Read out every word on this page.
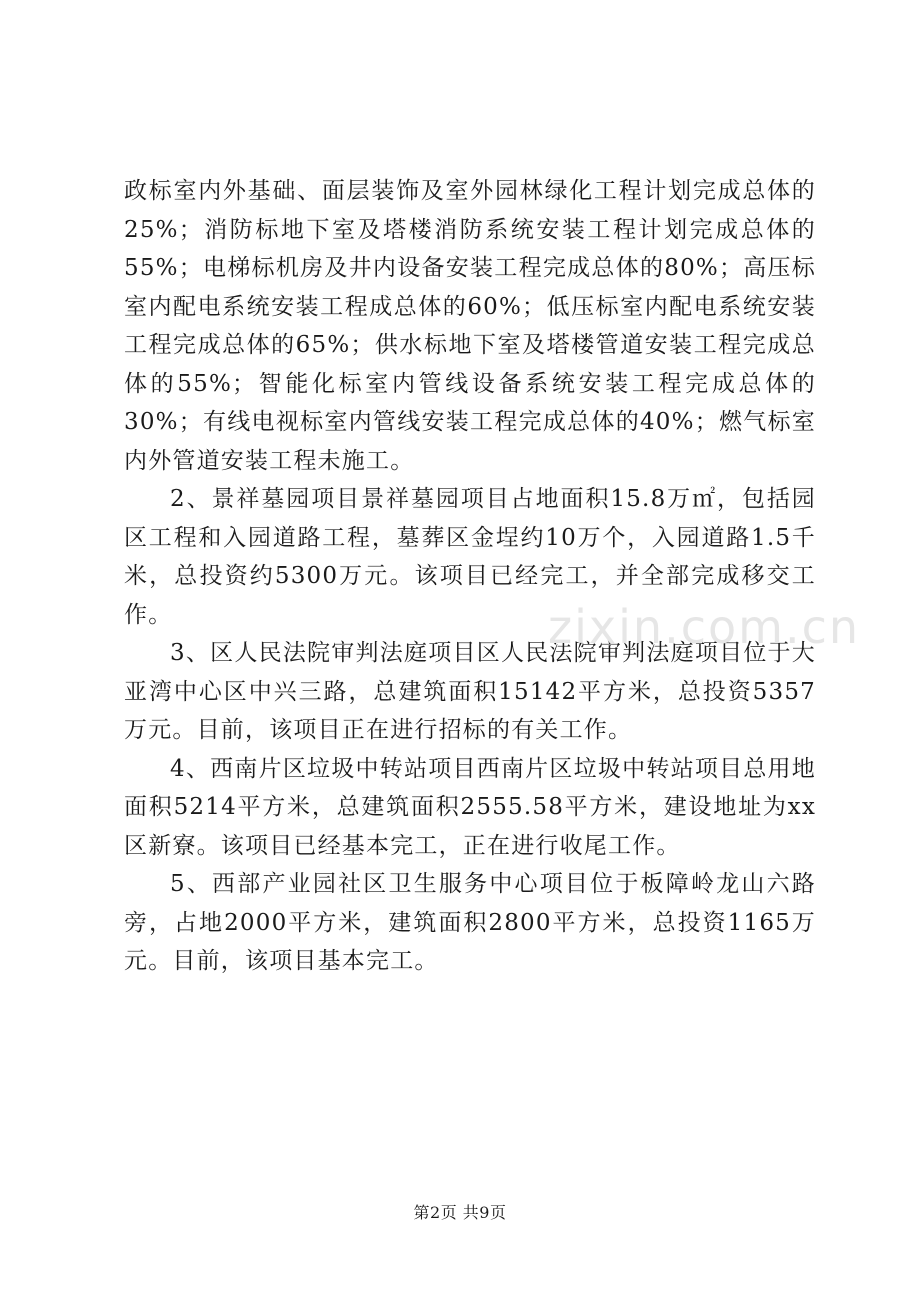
政标室内外基础、面层装饰及室外园林绿化工程计划完成总体的25%；消防标地下室及塔楼消防系统安装工程计划完成总体的55%；电梯标机房及井内设备安装工程完成总体的80%；高压标室内配电系统安装工程成总体的60%；低压标室内配电系统安装工程完成总体的65%；供水标地下室及塔楼管道安装工程完成总体的55%；智能化标室内管线设备系统安装工程完成总体的30%；有线电视标室内管线安装工程完成总体的40%；燃气标室内外管道安装工程未施工。

2、景祥墓园项目景祥墓园项目占地面积15.8万㎡，包括园区工程和入园道路工程，墓葬区金埕约10万个，入园道路1.5千米，总投资约5300万元。该项目已经完工，并全部完成移交工作。

3、区人民法院审判法庭项目区人民法院审判法庭项目位于大亚湾中心区中兴三路，总建筑面积15142平方米，总投资5357万元。目前，该项目正在进行招标的有关工作。

4、西南片区垃圾中转站项目西南片区垃圾中转站项目总用地面积5214平方米，总建筑面积2555.58平方米，建设地址为xx区新寮。该项目已经基本完工，正在进行收尾工作。

5、西部产业园社区卫生服务中心项目位于板障岭龙山六路旁，占地2000平方米，建筑面积2800平方米，总投资1165万元。目前，该项目基本完工。

zixin.com.cn
第2页 共9页
